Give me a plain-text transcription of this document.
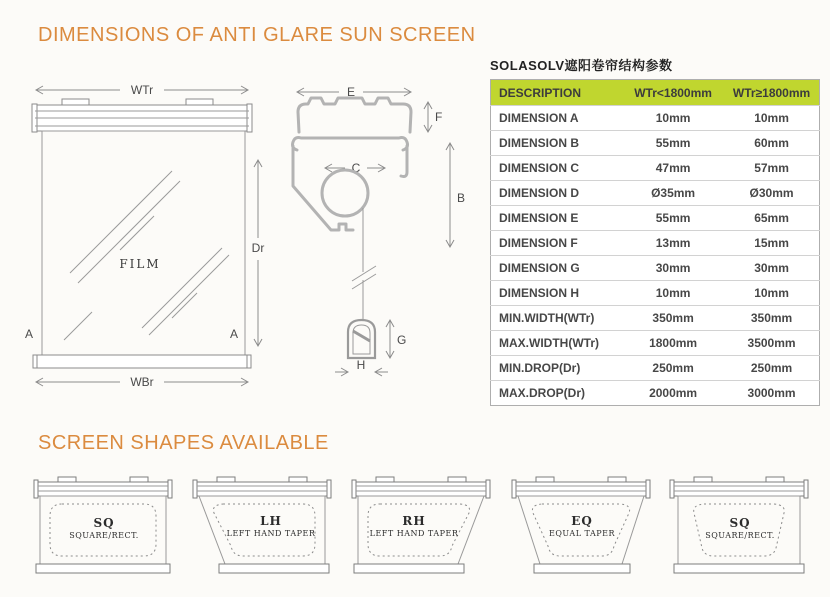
DIMENSIONS OF ANTI GLARE SUN SCREEN
WTr
FILM
Dr
A	A
WBr
E
F
C
B
G
H
SOLASOLV遮阳卷帘结构参数
DESCRIPTION	WTr<1800mm	WTr≥1800mm
DIMENSION A	10mm	10mm
DIMENSION B	55mm	60mm
DIMENSION C	47mm	57mm
DIMENSION D	Ø35mm	Ø30mm
DIMENSION E	55mm	65mm
DIMENSION F	13mm	15mm
DIMENSION G	30mm	30mm
DIMENSION H	10mm	10mm
MIN.WIDTH(WTr)	350mm	350mm
MAX.WIDTH(WTr)	1800mm	3500mm
MIN.DROP(Dr)	250mm	250mm
MAX.DROP(Dr)	2000mm	3000mm
SCREEN SHAPES AVAILABLE
SQ
SQUARE/RECT.
LH
LEFT HAND TAPER
RH
LEFT HAND TAPER
EQ
EQUAL TAPER
SQ
SQUARE/RECT.
